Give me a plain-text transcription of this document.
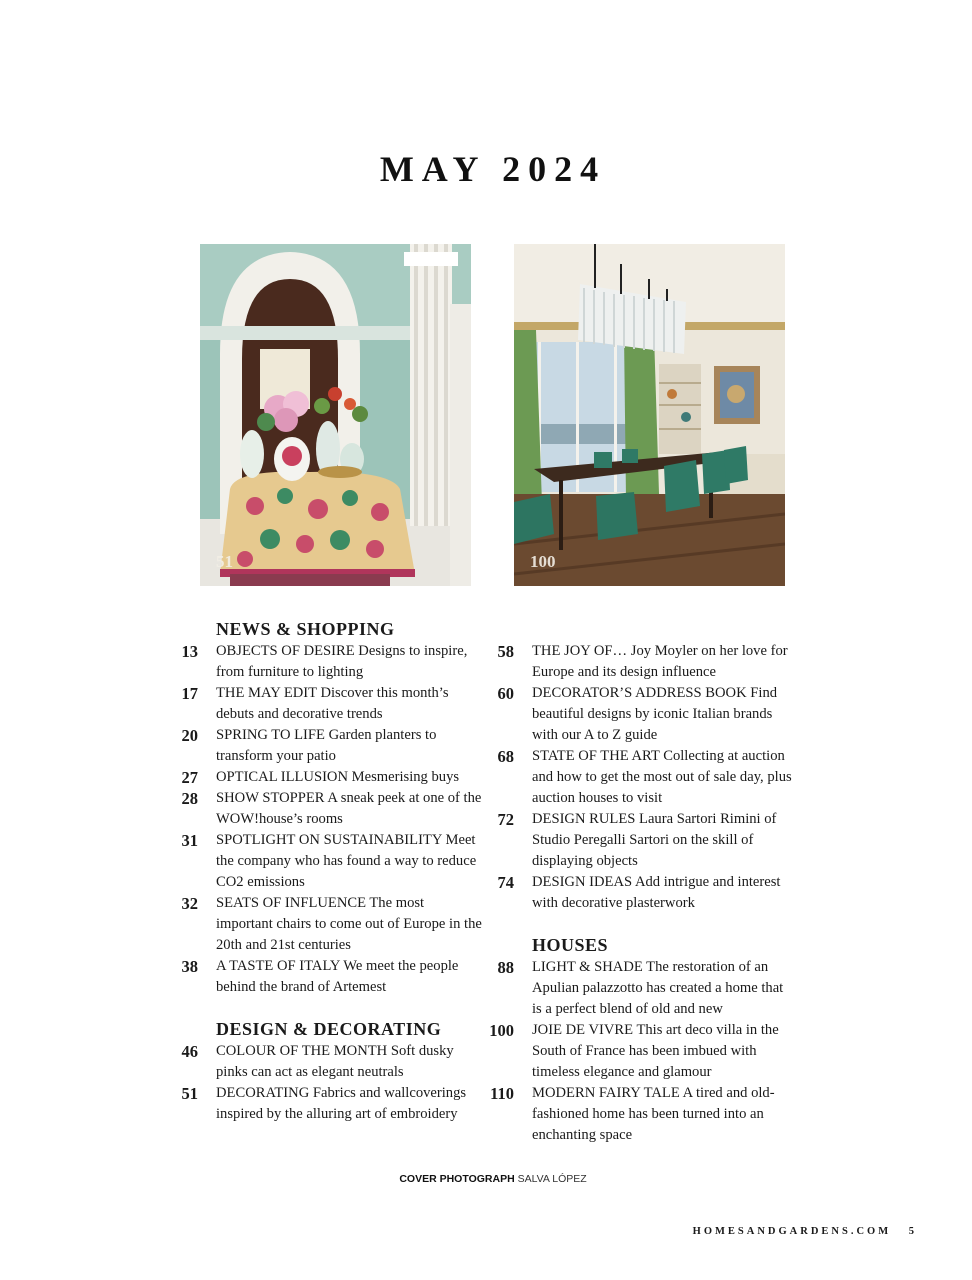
MAY 2024
51	100
NEWS & SHOPPING
13 OBJECTS OF DESIRE Designs to inspire, from furniture to lighting
17 THE MAY EDIT Discover this month’s debuts and decorative trends
20 SPRING TO LIFE Garden planters to transform your patio
27 OPTICAL ILLUSION Mesmerising buys
28 SHOW STOPPER A sneak peek at one of the WOW!house’s rooms
31 SPOTLIGHT ON SUSTAINABILITY Meet the company who has found a way to reduce CO2 emissions
32 SEATS OF INFLUENCE The most important chairs to come out of Europe in the 20th and 21st centuries
38 A TASTE OF ITALY We meet the people behind the brand of Artemest
DESIGN & DECORATING
46 COLOUR OF THE MONTH Soft dusky pinks can act as elegant neutrals
51 DECORATING Fabrics and wallcoverings inspired by the alluring art of embroidery
58 THE JOY OF… Joy Moyler on her love for Europe and its design influence
60 DECORATOR’S ADDRESS BOOK Find beautiful designs by iconic Italian brands with our A to Z guide
68 STATE OF THE ART Collecting at auction and how to get the most out of sale day, plus auction houses to visit
72 DESIGN RULES Laura Sartori Rimini of Studio Peregalli Sartori on the skill of displaying objects
74 DESIGN IDEAS Add intrigue and interest with decorative plasterwork
HOUSES
88 LIGHT & SHADE The restoration of an Apulian palazzotto has created a home that is a perfect blend of old and new
100 JOIE DE VIVRE This art deco villa in the South of France has been imbued with timeless elegance and glamour
110 MODERN FAIRY TALE A tired and old-fashioned home has been turned into an enchanting space
COVER PHOTOGRAPH SALVA LÓPEZ
HOMESANDGARDENS.COM 5
